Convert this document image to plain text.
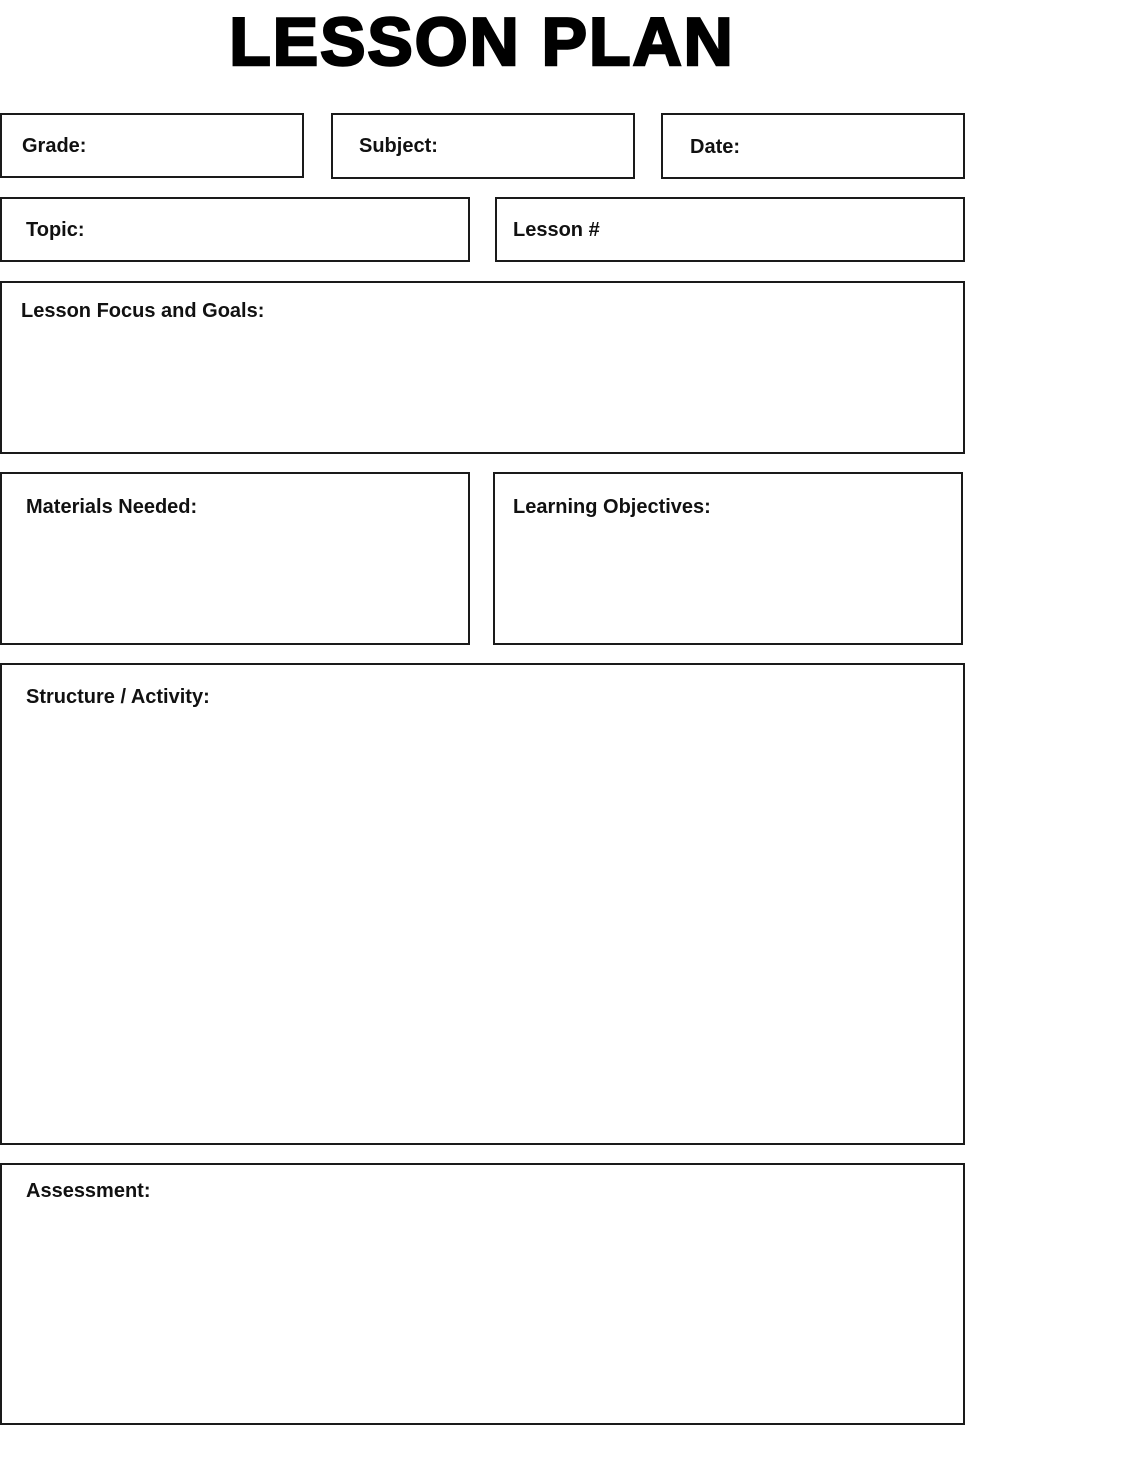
LESSON PLAN
Grade:	Subject:	Date:
Topic:	Lesson #
Lesson Focus and Goals:
Materials Needed:	Learning Objectives:
Structure / Activity:
Assessment:
